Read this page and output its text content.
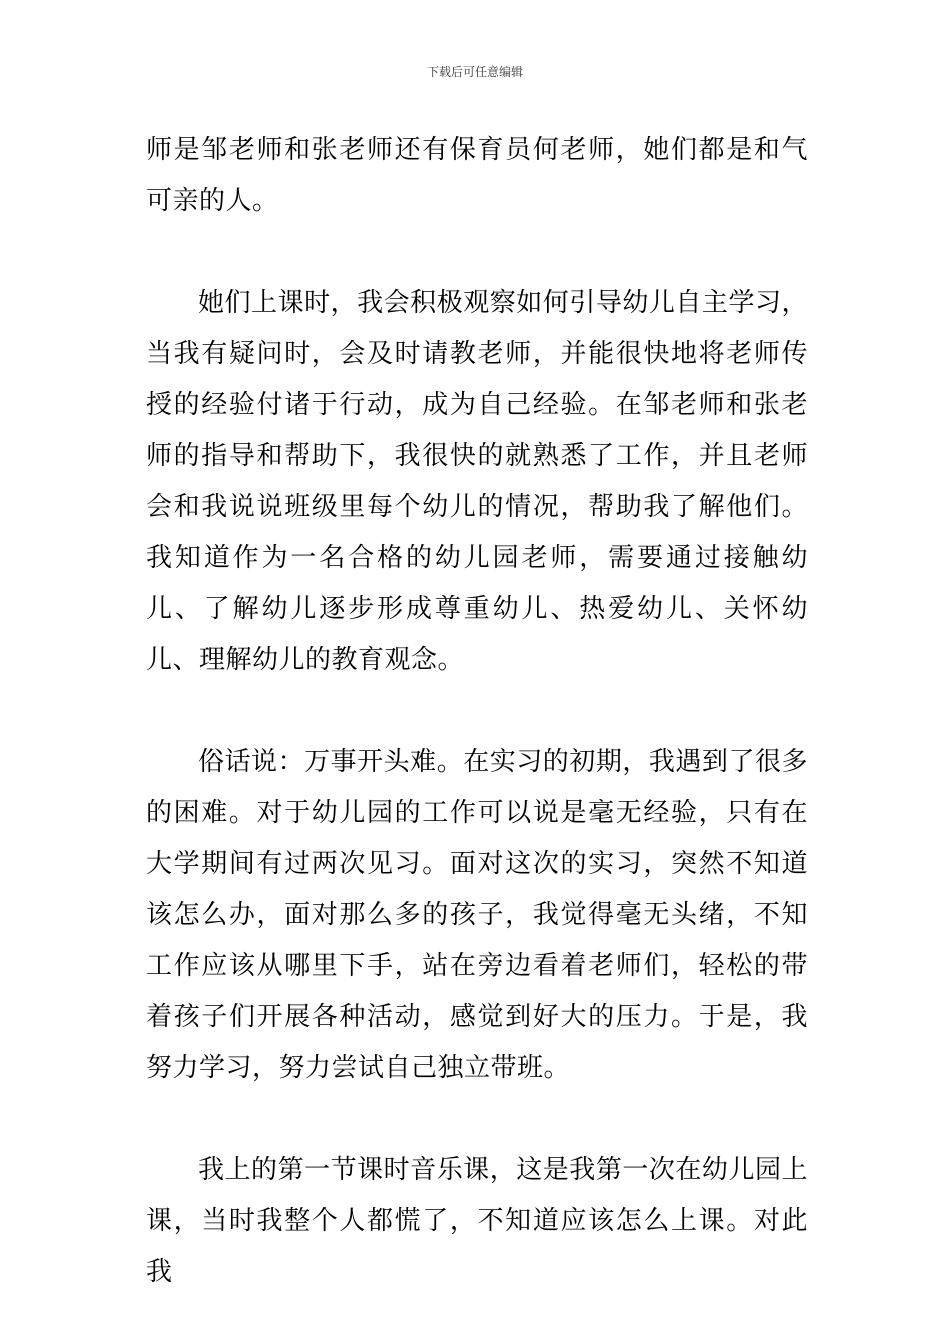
下载后可任意编辑

师是邹老师和张老师还有保育员何老师，她们都是和气可亲的人。

她们上课时，我会积极观察如何引导幼儿自主学习，当我有疑问时，会及时请教老师，并能很快地将老师传授的经验付诸于行动，成为自己经验。在邹老师和张老师的指导和帮助下，我很快的就熟悉了工作，并且老师会和我说说班级里每个幼儿的情况，帮助我了解他们。我知道作为一名合格的幼儿园老师，需要通过接触幼儿、了解幼儿逐步形成尊重幼儿、热爱幼儿、关怀幼儿、理解幼儿的教育观念。

俗话说：万事开头难。在实习的初期，我遇到了很多的困难。对于幼儿园的工作可以说是毫无经验，只有在大学期间有过两次见习。面对这次的实习，突然不知道该怎么办，面对那么多的孩子，我觉得毫无头绪，不知工作应该从哪里下手，站在旁边看着老师们，轻松的带着孩子们开展各种活动，感觉到好大的压力。于是，我努力学习，努力尝试自己独立带班。

我上的第一节课时音乐课，这是我第一次在幼儿园上课，当时我整个人都慌了，不知道应该怎么上课。对此我
